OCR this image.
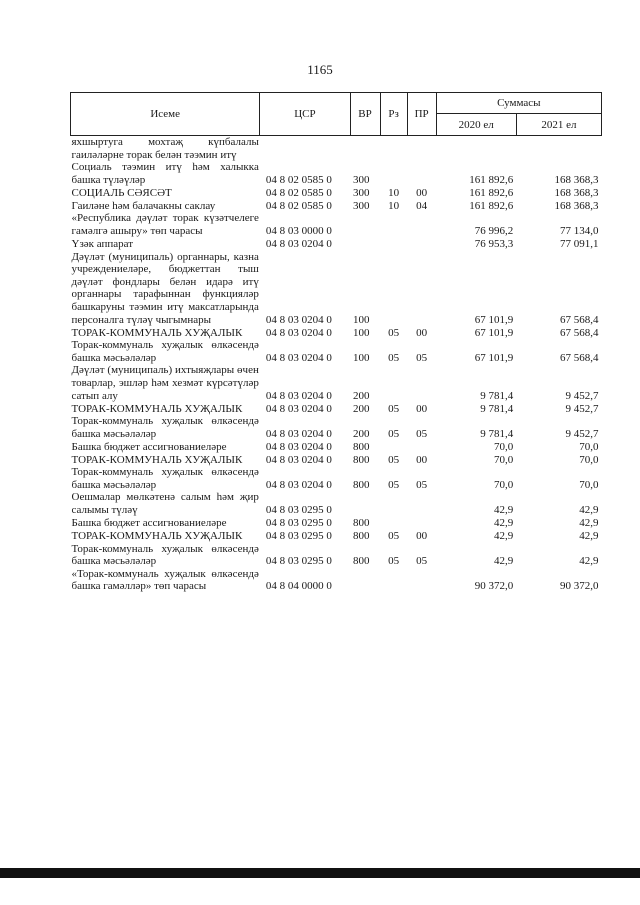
1165
Исеме	ЦСР	ВР	Рз	ПР	Суммасы	
					2020 ел	2021 ел
яхшыртуга мохтаҗ күпбалалы гаиләләрне торак белән тәэмин итү						
Социаль тәэмин итү һәм халыкка башка түләүләр	04 8 02 0585 0	300			161 892,6	168 368,3
СОЦИАЛЬ СӘЯСӘТ	04 8 02 0585 0	300	10	00	161 892,6	168 368,3
Гаиләне һәм балачакны саклау	04 8 02 0585 0	300	10	04	161 892,6	168 368,3
«Республика дәүләт торак күзәтчелеге гамәлгә ашыру» төп чарасы	04 8 03 0000 0				76 996,2	77 134,0
Үзәк аппарат	04 8 03 0204 0				76 953,3	77 091,1
Дәүләт (муниципаль) органнары, казна учреждениеләре, бюджеттан тыш дәүләт фондлары белән идарә итү органнары тарафыннан функцияләр башкаруны тәэмин итү максатларында персоналга түләү чыгымнары	04 8 03 0204 0	100			67 101,9	67 568,4
ТОРАК-КОММУНАЛЬ ХУҖАЛЫК	04 8 03 0204 0	100	05	00	67 101,9	67 568,4
Торак-коммуналь хуҗалык өлкәсендә башка мәсьәләләр	04 8 03 0204 0	100	05	05	67 101,9	67 568,4
Дәүләт (муниципаль) ихтыяҗлары өчен товарлар, эшләр һәм хезмәт күрсәтүләр сатып алу	04 8 03 0204 0	200			9 781,4	9 452,7
ТОРАК-КОММУНАЛЬ ХУҖАЛЫК	04 8 03 0204 0	200	05	00	9 781,4	9 452,7
Торак-коммуналь хуҗалык өлкәсендә башка мәсьәләләр	04 8 03 0204 0	200	05	05	9 781,4	9 452,7
Башка бюджет ассигнованиеләре	04 8 03 0204 0	800			70,0	70,0
ТОРАК-КОММУНАЛЬ ХУҖАЛЫК	04 8 03 0204 0	800	05	00	70,0	70,0
Торак-коммуналь хуҗалык өлкәсендә башка мәсьәләләр	04 8 03 0204 0	800	05	05	70,0	70,0
Оешмалар мөлкәтенә салым һәм җир салымы түләү	04 8 03 0295 0				42,9	42,9
Башка бюджет ассигнованиеләре	04 8 03 0295 0	800			42,9	42,9
ТОРАК-КОММУНАЛЬ ХУҖАЛЫК	04 8 03 0295 0	800	05	00	42,9	42,9
Торак-коммуналь хуҗалык өлкәсендә башка мәсьәләләр	04 8 03 0295 0	800	05	05	42,9	42,9
«Торак-коммуналь хуҗалык өлкәсендә башка гамәлләр» төп чарасы	04 8 04 0000 0				90 372,0	90 372,0
